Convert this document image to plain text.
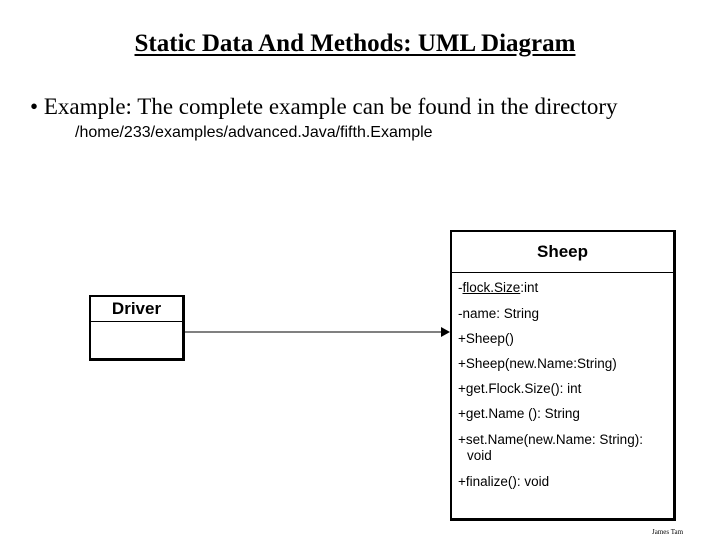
Static Data And Methods: UML Diagram
• Example: The complete example can be found in the directory
/home/233/examples/advanced.Java/fifth.Example
Sheep
-flock.Size:int
-name: String
+Sheep()
+Sheep(new.Name:String)
+get.Flock.Size(): int
+get.Name (): String
+set.Name(new.Name: String):
void
+finalize(): void
Driver
James Tam
